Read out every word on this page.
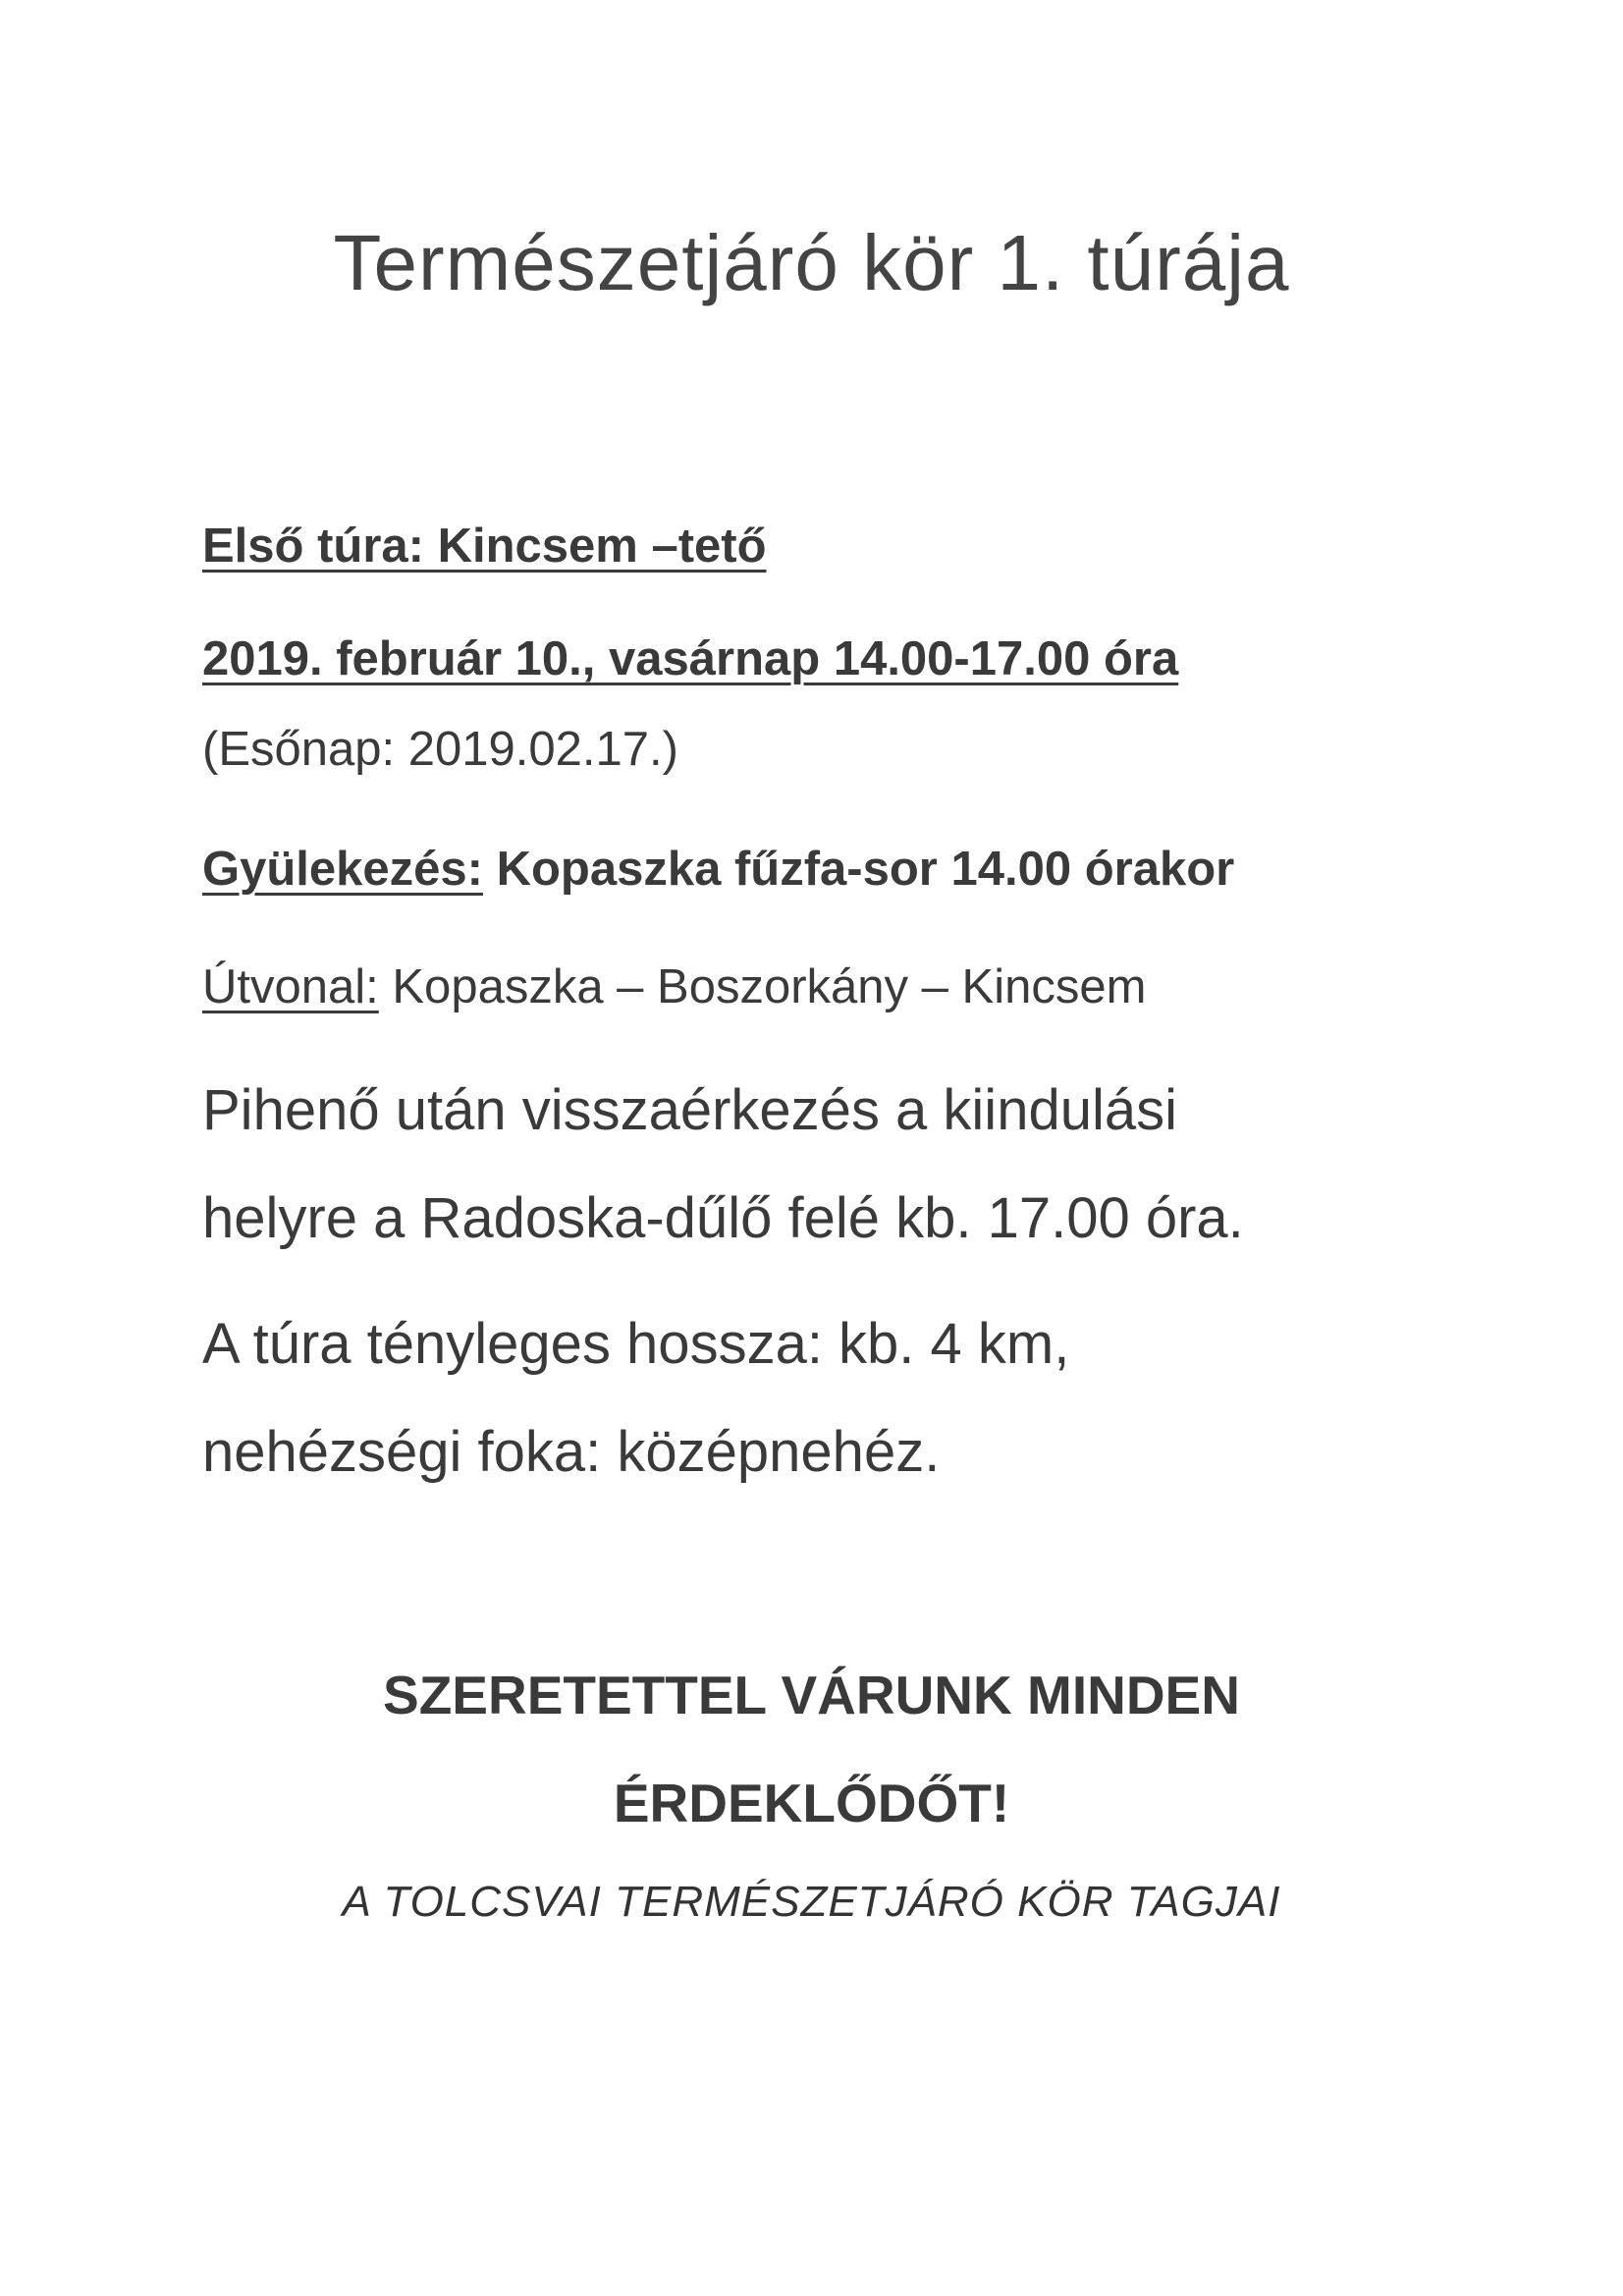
Természetjáró kör 1. túrája

Első túra: Kincsem –tető

2019. február 10., vasárnap 14.00-17.00 óra

(Esőnap: 2019.02.17.)

Gyülekezés: Kopaszka fűzfa-sor 14.00 órakor

Útvonal: Kopaszka – Boszorkány – Kincsem

Pihenő után visszaérkezés a kiindulási

helyre a Radoska-dűlő felé kb. 17.00 óra.

A túra tényleges hossza: kb. 4 km,

nehézségi foka: középnehéz.

SZERETETTEL VÁRUNK MINDEN

ÉRDEKLŐDŐT!

A TOLCSVAI TERMÉSZETJÁRÓ KÖR TAGJAI
